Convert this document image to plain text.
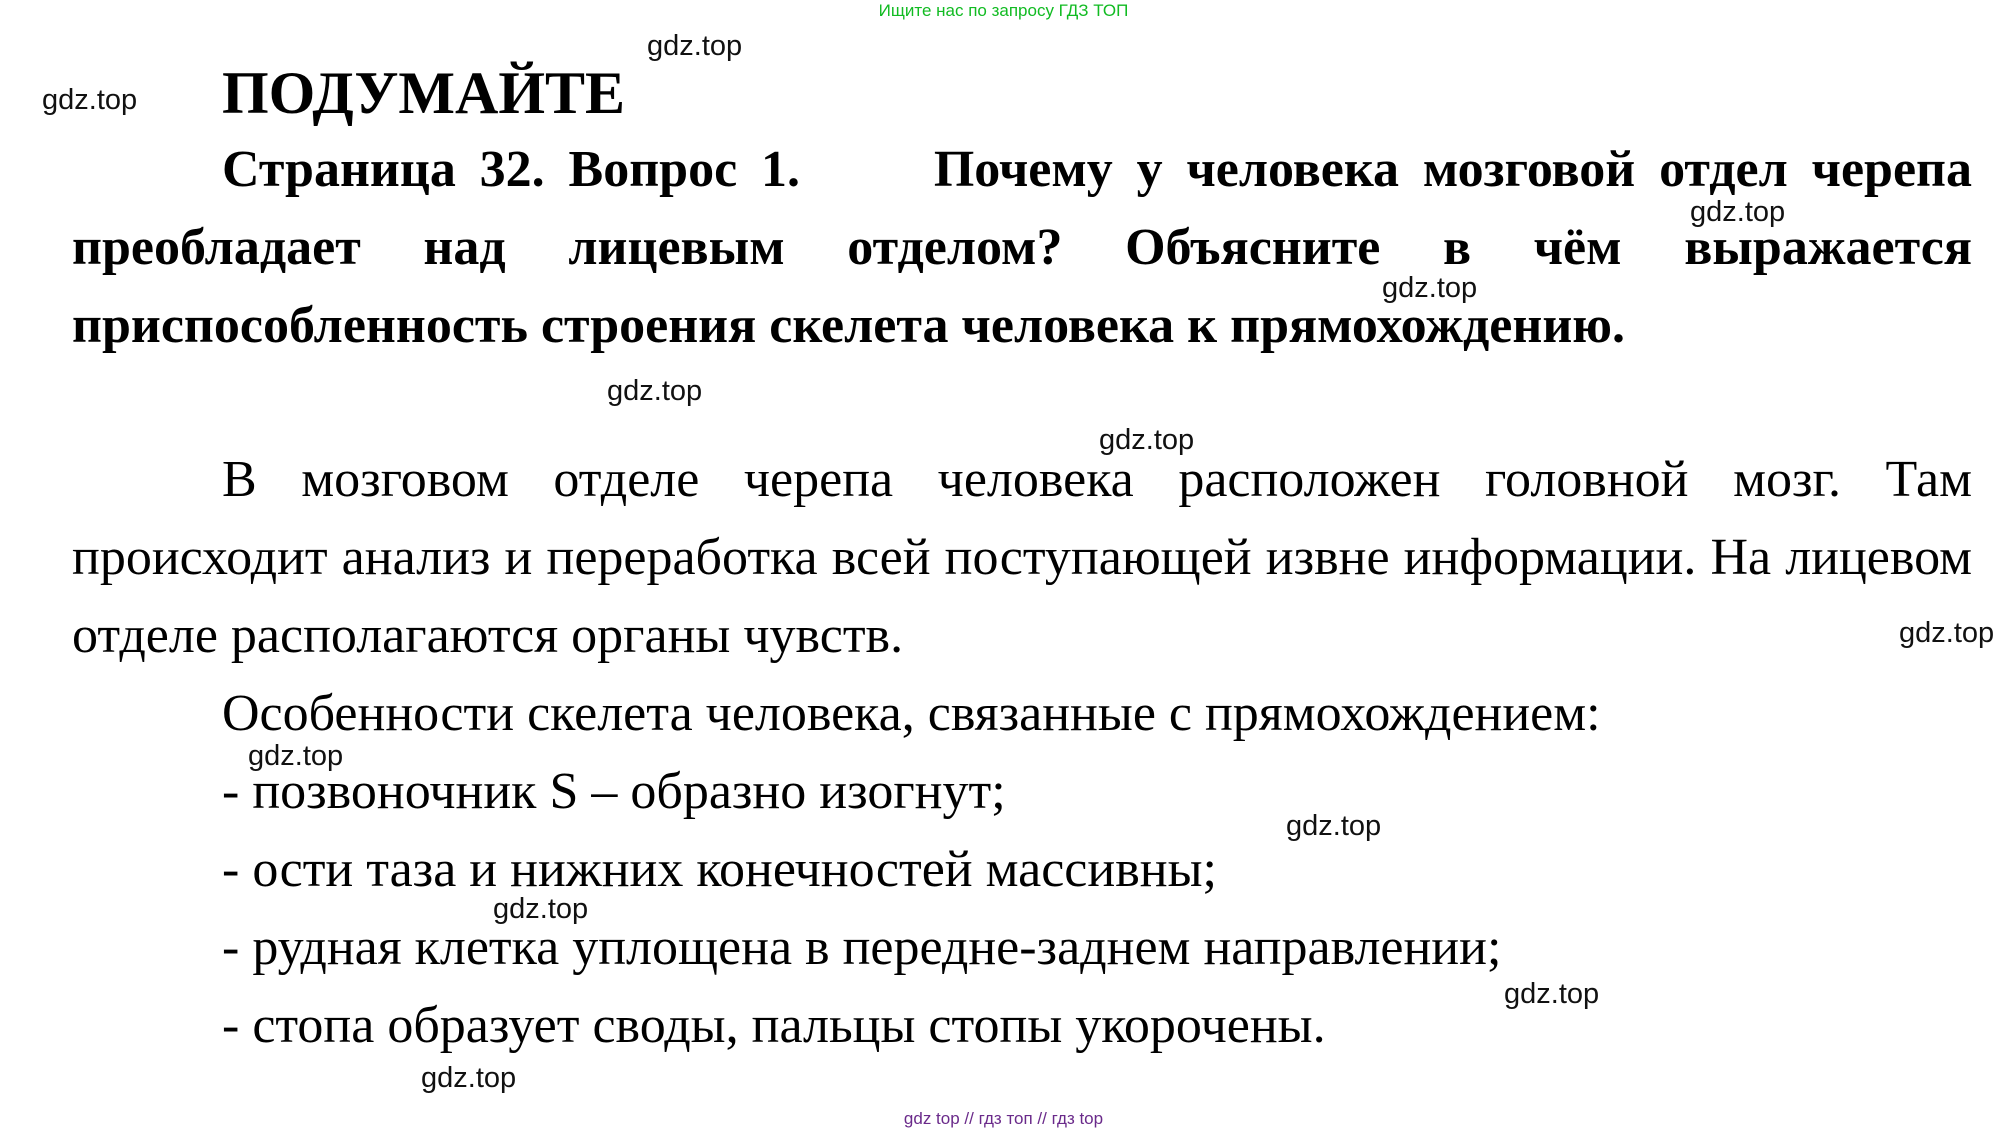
Ищите нас по запросу ГДЗ ТОП
ПОДУМАЙТЕ

Страница 32. Вопрос 1.	Почему у человека мозговой отдел черепа преобладает над лицевым отделом? Объясните в чём выражается приспособленность строения скелета человека к прямохождению.

В мозговом отделе черепа человека расположен головной мозг. Там происходит анализ и переработка всей поступающей извне информации. На лицевом отделе располагаются органы чувств.

Особенности скелета человека, связанные с прямохождением:
- позвоночник S – образно изогнут;
- ости таза и нижних конечностей массивны;
- рудная клетка уплощена в передне-заднем направлении;
- стопа образует своды, пальцы стопы укорочены.
gdz.top
gdz.top
gdz.top
gdz.top
gdz.top
gdz.top
gdz.top
gdz.top
gdz.top
gdz.top
gdz.top
gdz.top
gdz top // гдз топ // гдз top
